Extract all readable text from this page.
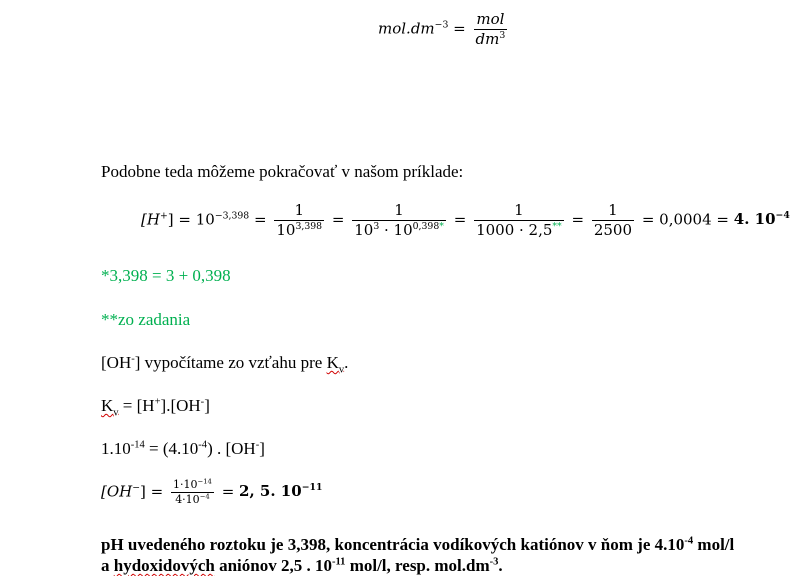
$mol.dm^{-3} = \frac{\text{mol}}{dm^3}$
Podobne teda môžeme pokračovať v našom príklade:
$[H^+] = 10^{-3,398} = \frac{1}{10^{3,398}} = \frac{1}{10^3 \cdot 10^{0,398*}} = \frac{1}{1000 \cdot 2,5^{**}} = \frac{1}{2500} = 0,0004 = 4$. $10^{-4}$
*3,398 = 3 + 0,398
**zo zadania
[OH-] vypočítame zo vzťahu pre $K_v$.
$K_v = [H^+].[OH^-]$
$1.10^{-14} = (4.10^{-4})$ . [OH-]
$[OH^-] = \frac{1\cdot 10^{-14}}{4\cdot 10^{-4}} = 2$, 5. $10^{-11}$
pH uvedeného roztoku je 3,398, koncentrácia vodíkových katiónov v ňom je $4.10^{-4}$ mol/l
a hydoxidových aniónov 2,5 . $10^{-11}$ mol/l, resp. $mol.dm^{-3}$.
